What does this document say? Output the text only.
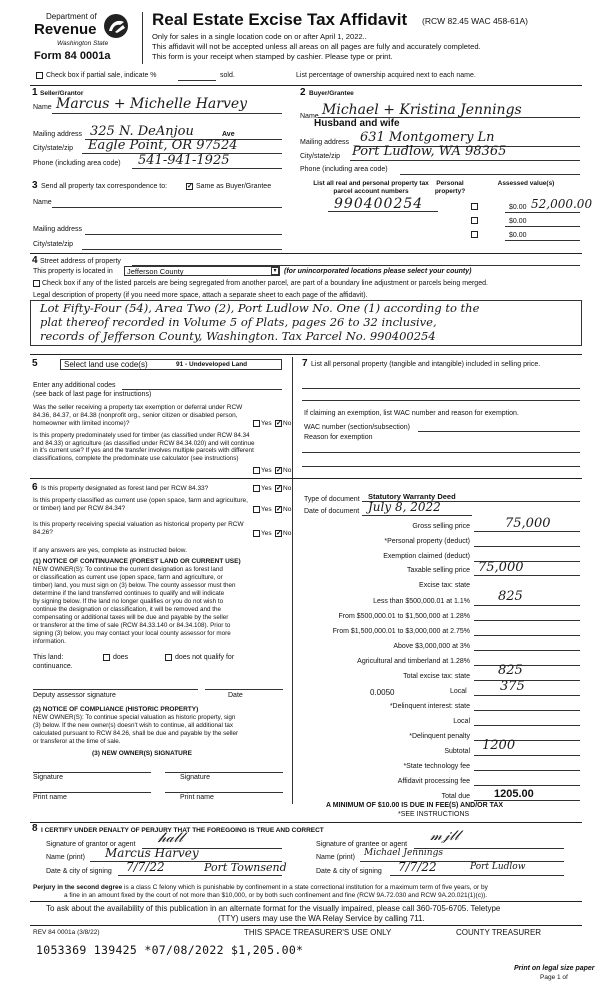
Department of
Revenue
Washington State
Form 84 0001a
Real Estate Excise Tax Affidavit (RCW 82.45 WAC 458-61A)
Only for sales in a single location code on or after April 1, 2022..
This affidavit will not be accepted unless all areas on all pages are fully and accurately completed.
This form is your receipt when stamped by cashier. Please type or print.
Check box if partial sale, indicate %	sold.	List percentage of ownership acquired next to each name.
1 Seller/Grantor
Name Marcus + Michelle Harvey
Mailing address 325 N. DeAnjou	Ave
City/state/zip Eagle Point, OR 97524
Phone (including area code) 541-941-1925
2 Buyer/Grantee
Name Michael + Kristina Jennings
Husband and wife
Mailing address 631 Montgomery Ln
City/state/zip Port Ludlow, WA 98365
Phone (including area code)
3 Send all property tax correspondence to:	✓ Same as Buyer/Grantee
Name
Mailing address
City/state/zip
List all real and personal property tax parcel account numbers
Personal property?
Assessed value(s)
990400254	$0.00 52,000.00
$0.00
$0.00
4 Street address of property
This property is located in Jefferson County	▾	(for unincorporated locations please select your county)
Check box if any of the listed parcels are being segregated from another parcel, are part of a boundary line adjustment or parcels being merged.
Legal description of property (if you need more space, attach a separate sheet to each page of the affidavit).
Lot Fifty-Four (54), Area Two (2), Port Ludlow No. One (1) according to the
plat thereof recorded in Volume 5 of Plats, pages 26 to 32 inclusive,
records of Jefferson County, Washington. Tax Parcel No. 990400254
5	Select land use code(s)	91 - Undeveloped Land
Enter any additional codes
(see back of last page for instructions)
Was the seller receiving a property tax exemption or deferral under RCW 84.36, 84.37, or 84.38 (nonprofit org., senior citizen or disabled person, homeowner with limited income)?	Yes ✓ No
Is this property predominately used for timber (as classified under RCW 84.34 and 84.33) or agriculture (as classified under RCW 84.34.020) and will continue in it's current use? If yes and the transfer involves multiple parcels with different classifications, complete the predominate use calculator (see instructions)
Yes ✓ No
7 List all personal property (tangible and intangible) included in selling price.
If claiming an exemption, list WAC number and reason for exemption.
WAC number (section/subsection)
Reason for exemption
6 Is this property designated as forest land per RCW 84.33?	Yes ✓ No
Is this property classified as current use (open space, farm and agriculture, or timber) land per RCW 84.34?	Yes ✓ No
Is this property receiving special valuation as historical property per RCW 84.26?	Yes ✓ No
If any answers are yes, complete as instructed below.
(1) NOTICE OF CONTINUANCE (FOREST LAND OR CURRENT USE)
NEW OWNER(S): To continue the current designation as forest land
or classification as current use (open space, farm and agriculture, or
timber) land, you must sign on (3) below. The county assessor must then
determine if the land transferred continues to qualify and will indicate
by signing below. If the land no longer qualifies or you do not wish to
continue the designation or classification, it will be removed and the
compensating or additional taxes will be due and payable by the seller
or transferor at the time of sale (RCW 84.33.140 or 84.34.108). Prior to
signing (3) below, you may contact your local county assessor for more
information.
This land:	does	does not qualify for
continuance.
Deputy assessor signature	Date
(2) NOTICE OF COMPLIANCE (HISTORIC PROPERTY)
NEW OWNER(S): To continue special valuation as historic property, sign
(3) below. If the new owner(s) doesn't wish to continue, all additional tax
calculated pursuant to RCW 84.26, shall be due and payable by the seller
or transferor at the time of sale.
(3) NEW OWNER(S) SIGNATURE
Signature	Signature
Print name	Print name
Type of document Statutory Warranty Deed
Date of document July 8, 2022
Gross selling price	75,000
*Personal property (deduct)
Exemption claimed (deduct)
Taxable selling price 75,000
Excise tax: state
Less than $500,000.01 at 1.1% 825
From $500,000.01 to $1,500,000 at 1.28%
From $1,500,000.01 to $3,000,000 at 2.75%
Above $3,000,000 at 3%
Agricultural and timberland at 1.28%
Total excise tax: state 825
0.0050	Local	375
*Delinquent interest: state
Local
*Delinquent penalty
Subtotal 1200
*State technology fee
Affidavit processing fee
Total due 1205.00
A MINIMUM OF $10.00 IS DUE IN FEE(S) AND/OR TAX
*SEE INSTRUCTIONS
8 I CERTIFY UNDER PENALTY OF PERJURY THAT THE FOREGOING IS TRUE AND CORRECT
Signature of grantor or agent 𝒽𝒶𝓁𝓁
Name (print) Marcus Harvey
Date & city of signing 7/7/22	Port Townsend
Signature of grantee or agent
𝓂𝒿𝓁𝓁
Name (print) Michael Jennings
Date & city of signing 7/7/22	Port Ludlow
Perjury in the second degree is a class C felony which is punishable by confinement in a state correctional institution for a maximum term of five years, or by
a fine in an amount fixed by the court of not more than $10,000, or by both such confinement and fine (RCW 9A.72.030 and RCW 9A.20.021(1)(c)).
To ask about the availability of this publication in an alternate format for the visually impaired, please call 360-705-6705. Teletype
(TTY) users may use the WA Relay Service by calling 711.
REV 84 0001a (3/8/22)	THIS SPACE TREASURER'S USE ONLY	COUNTY TREASURER
1053369 139425 *07/08/2022 $1,205.00*
Print on legal size paper
Page 1 of
